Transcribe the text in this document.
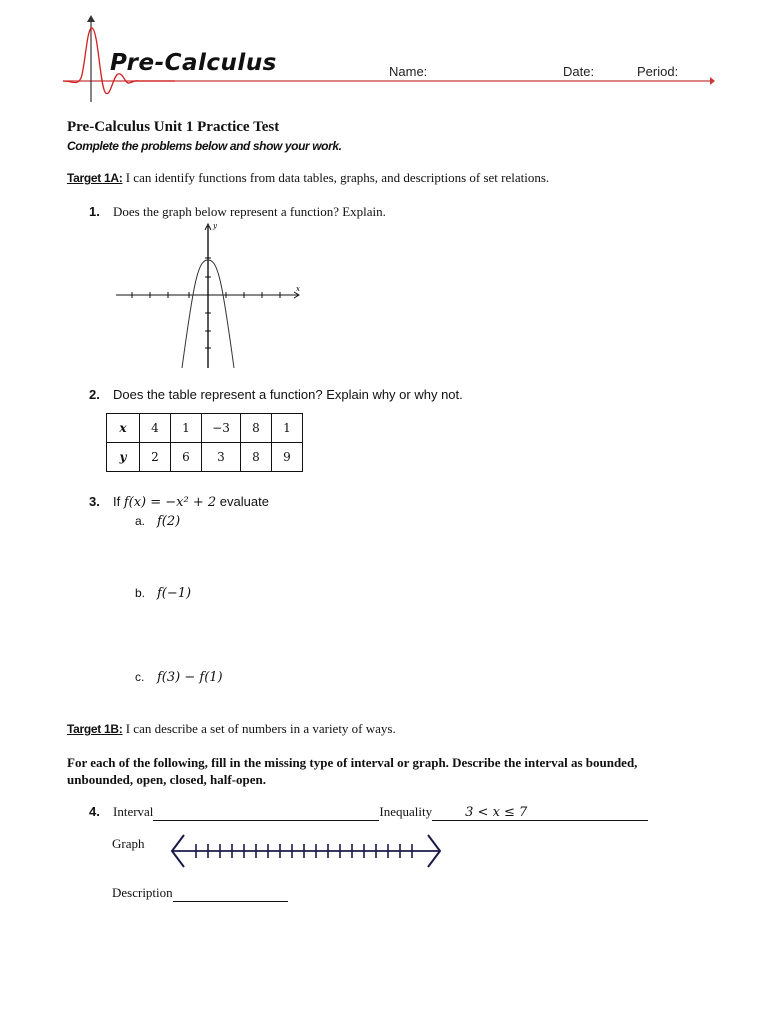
Pre-Calculus	Name:	Date:	Period:
Pre-Calculus Unit 1 Practice Test
Complete the problems below and show your work.
Target 1A: I can identify functions from data tables, graphs, and descriptions of set relations.
1. Does the graph below represent a function? Explain.
x
y
2. Does the table represent a function? Explain why or why not.
x	4	1	−3	8	1
y	2	6	3	8	9
3. If f(x) = −x² + 2 evaluate
a. f(2)
b. f(−1)
c. f(3) − f(1)
Target 1B: I can describe a set of numbers in a variety of ways.
For each of the following, fill in the missing type of interval or graph. Describe the interval as bounded, unbounded, open, closed, half-open.
4. Interval	Inequality	3 < x ≤ 7
Graph
Description
